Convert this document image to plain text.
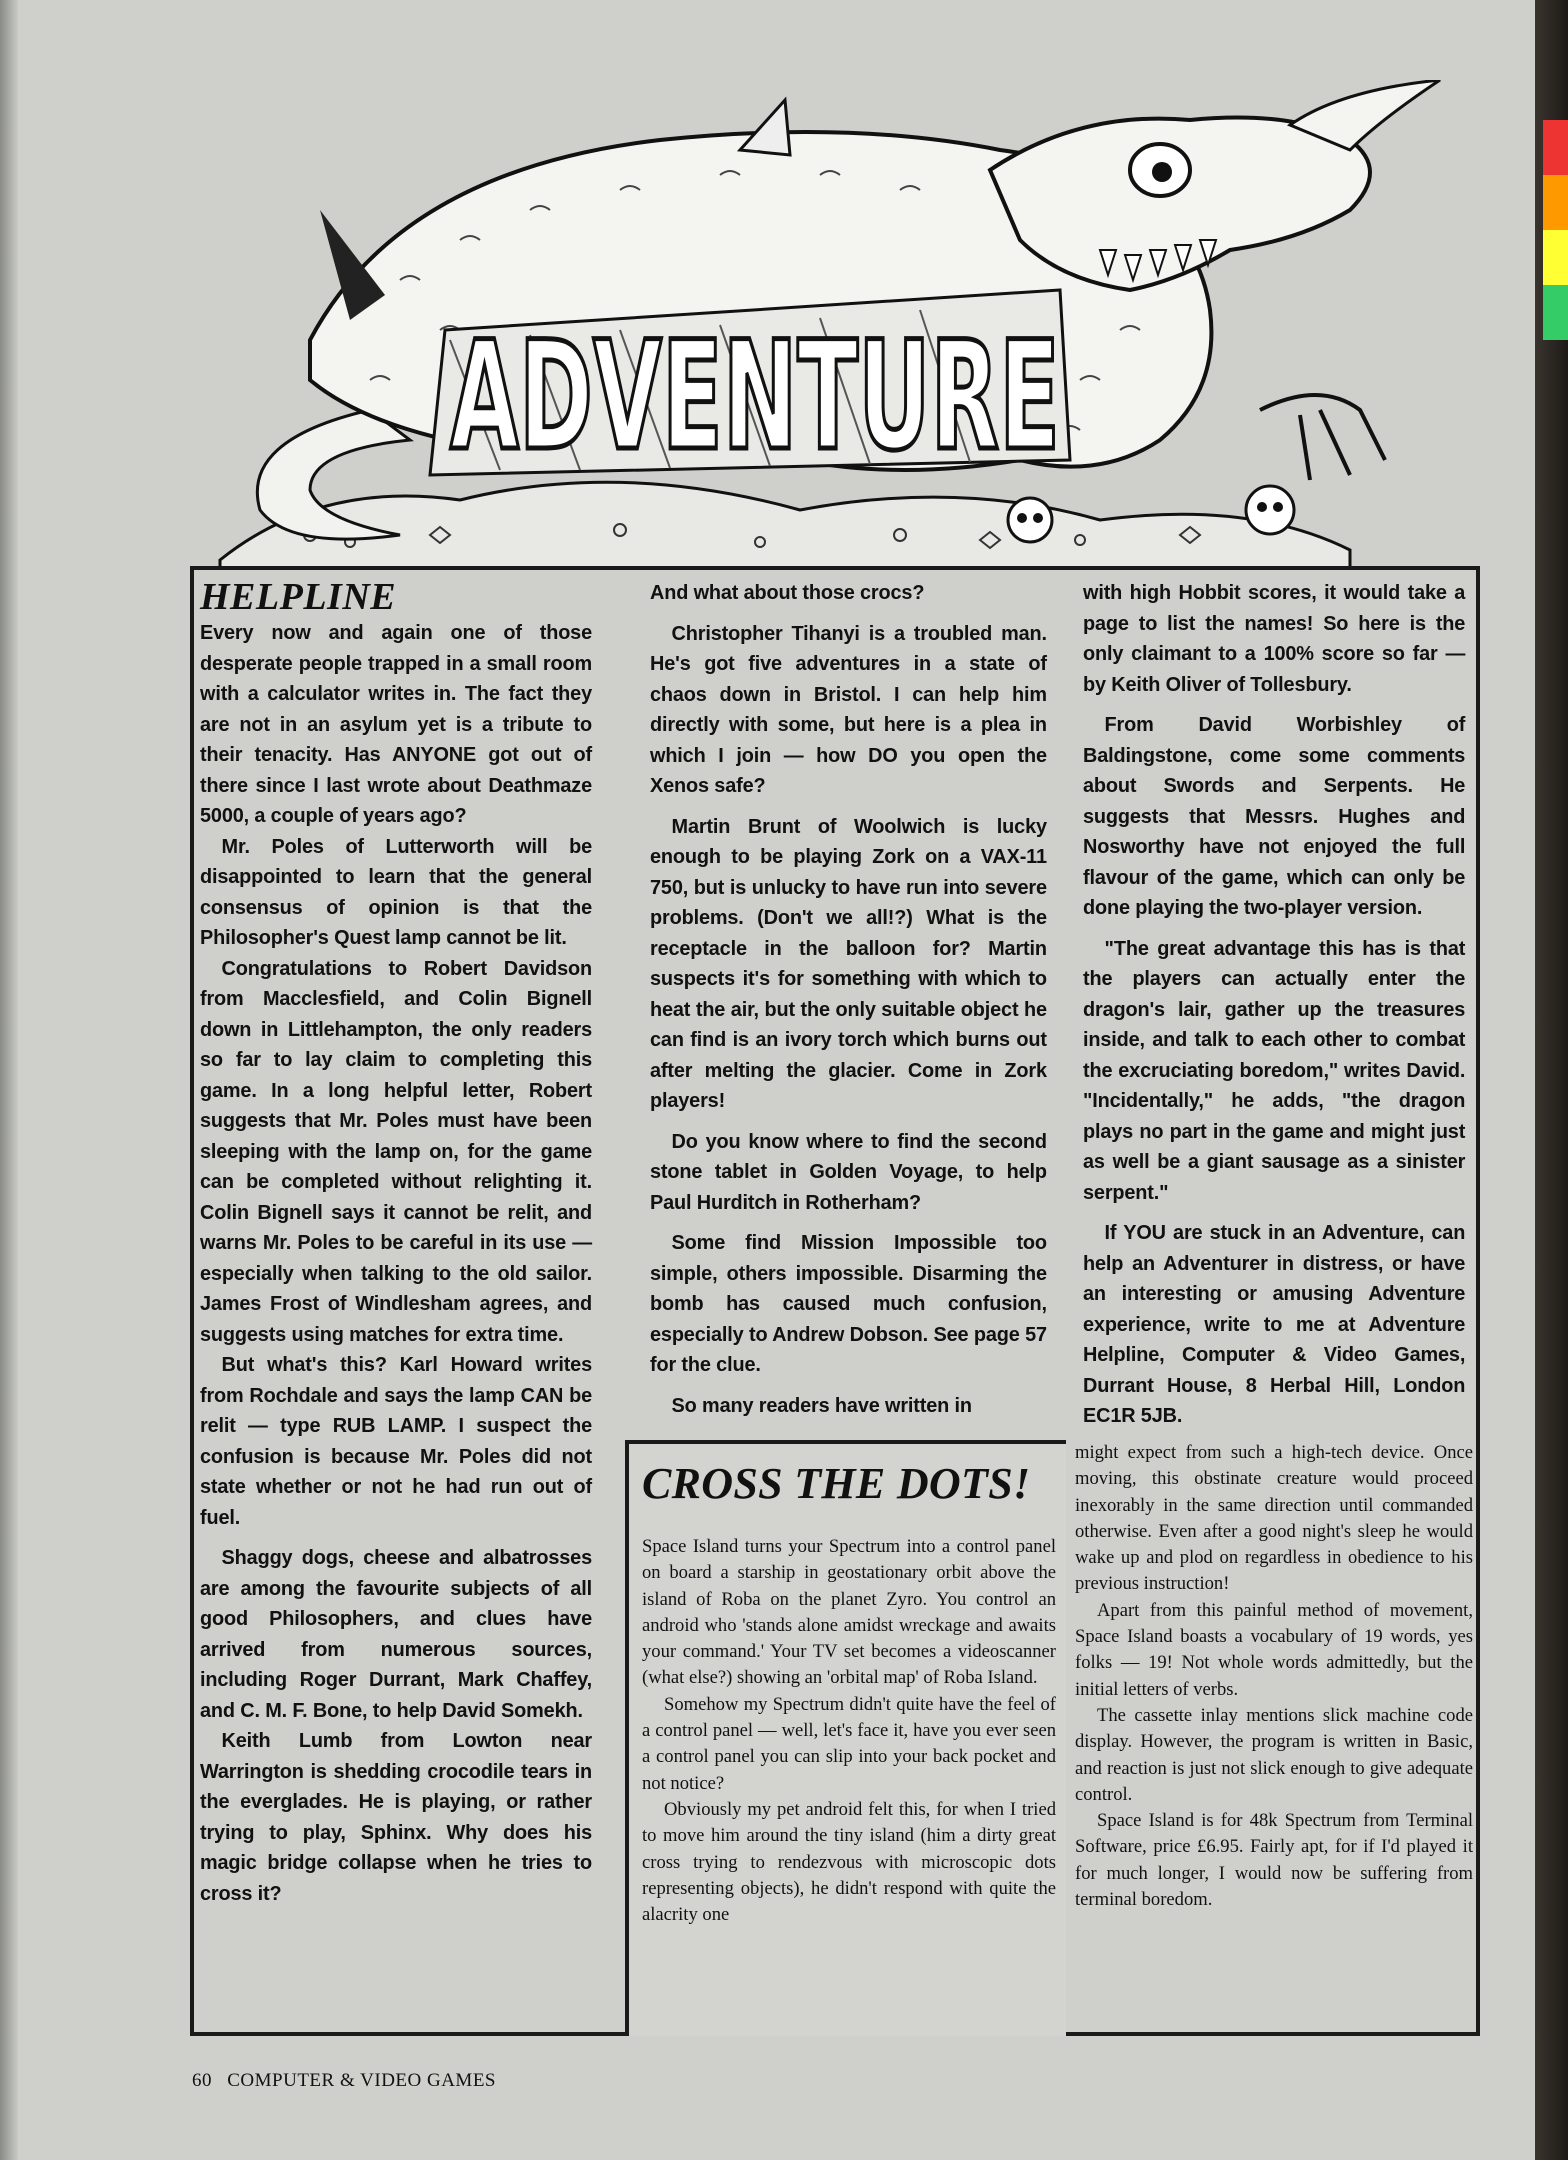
ADVENTURE
HELPLINE

Every now and again one of those desperate people trapped in a small room with a calculator writes in. The fact they are not in an asylum yet is a tribute to their tenacity. Has ANYONE got out of there since I last wrote about Deathmaze 5000, a couple of years ago?

Mr. Poles of Lutterworth will be disappointed to learn that the general consensus of opinion is that the Philosopher's Quest lamp cannot be lit.

Congratulations to Robert Davidson from Macclesfield, and Colin Bignell down in Littlehampton, the only readers so far to lay claim to completing this game. In a long helpful letter, Robert suggests that Mr. Poles must have been sleeping with the lamp on, for the game can be completed without relighting it. Colin Bignell says it cannot be relit, and warns Mr. Poles to be careful in its use — especially when talking to the old sailor. James Frost of Windlesham agrees, and suggests using matches for extra time.

But what's this? Karl Howard writes from Rochdale and says the lamp CAN be relit — type RUB LAMP. I suspect the confusion is because Mr. Poles did not state whether or not he had run out of fuel.

Shaggy dogs, cheese and albatrosses are among the favourite subjects of all good Philosophers, and clues have arrived from numerous sources, including Roger Durrant, Mark Chaffey, and C. M. F. Bone, to help David Somekh.

Keith Lumb from Lowton near Warrington is shedding crocodile tears in the everglades. He is playing, or rather trying to play, Sphinx. Why does his magic bridge collapse when he tries to cross it?

And what about those crocs?

Christopher Tihanyi is a troubled man. He's got five adventures in a state of chaos down in Bristol. I can help him directly with some, but here is a plea in which I join — how DO you open the Xenos safe?

Martin Brunt of Woolwich is lucky enough to be playing Zork on a VAX-11 750, but is unlucky to have run into severe problems. (Don't we all!?) What is the receptacle in the balloon for? Martin suspects it's for something with which to heat the air, but the only suitable object he can find is an ivory torch which burns out after melting the glacier. Come in Zork players!

Do you know where to find the second stone tablet in Golden Voyage, to help Paul Hurditch in Rotherham?

Some find Mission Impossible too simple, others impossible. Disarming the bomb has caused much confusion, especially to Andrew Dobson. See page 57 for the clue.

So many readers have written in

with high Hobbit scores, it would take a page to list the names! So here is the only claimant to a 100% score so far — by Keith Oliver of Tollesbury.

From David Worbishley of Baldingstone, come some comments about Swords and Serpents. He suggests that Messrs. Hughes and Nosworthy have not enjoyed the full flavour of the game, which can only be done playing the two-player version.

"The great advantage this has is that the players can actually enter the dragon's lair, gather up the treasures inside, and talk to each other to combat the excruciating boredom," writes David. "Incidentally," he adds, "the dragon plays no part in the game and might just as well be a giant sausage as a sinister serpent."

If YOU are stuck in an Adventure, can help an Adventurer in distress, or have an interesting or amusing Adventure experience, write to me at Adventure Helpline, Computer & Video Games, Durrant House, 8 Herbal Hill, London EC1R 5JB.

CROSS THE DOTS!

Space Island turns your Spectrum into a control panel on board a starship in geostationary orbit above the island of Roba on the planet Zyro. You control an android who 'stands alone amidst wreckage and awaits your command.' Your TV set becomes a videoscanner (what else?) showing an 'orbital map' of Roba Island.

Somehow my Spectrum didn't quite have the feel of a control panel — well, let's face it, have you ever seen a control panel you can slip into your back pocket and not notice?

Obviously my pet android felt this, for when I tried to move him around the tiny island (him a dirty great cross trying to rendezvous with microscopic dots representing objects), he didn't respond with quite the alacrity one

might expect from such a high-tech device. Once moving, this obstinate creature would proceed inexorably in the same direction until commanded otherwise. Even after a good night's sleep he would wake up and plod on regardless in obedience to his previous instruction!

Apart from this painful method of movement, Space Island boasts a vocabulary of 19 words, yes folks — 19! Not whole words admittedly, but the initial letters of verbs.

The cassette inlay mentions slick machine code display. However, the program is written in Basic, and reaction is just not slick enough to give adequate control.

Space Island is for 48k Spectrum from Terminal Software, price £6.95. Fairly apt, for if I'd played it for much longer, I would now be suffering from terminal boredom.

60 COMPUTER & VIDEO GAMES
